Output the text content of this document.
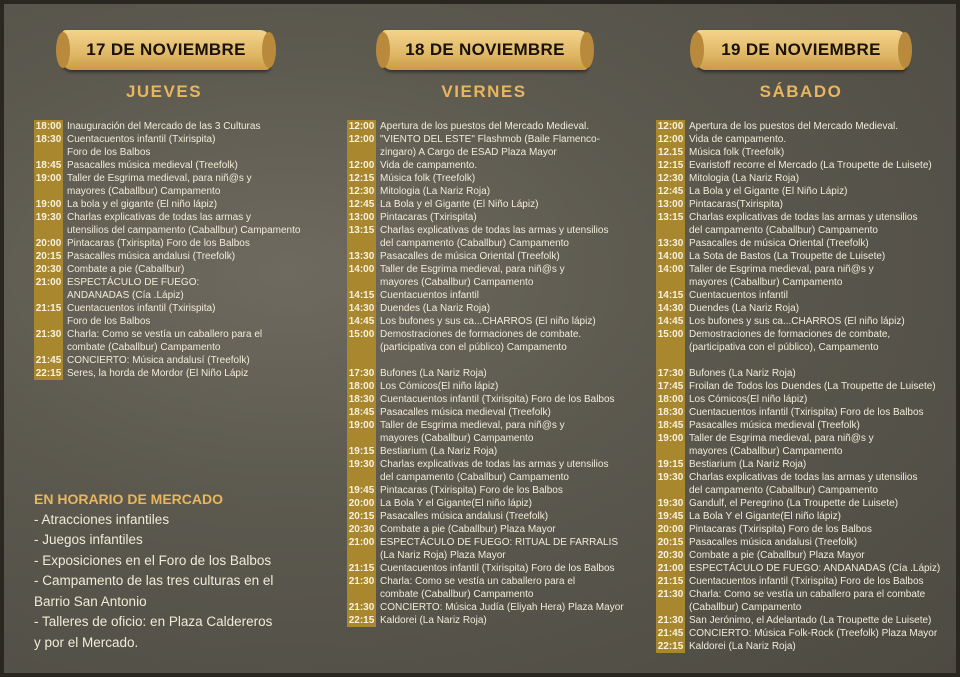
17 DE NOVIEMBRE
JUEVES
18:00 Inauguración del Mercado de las 3 Culturas
18:30 Cuentacuentos infantil (Txirispita)
Foro de los Balbos
18:45 Pasacalles música medieval (Treefolk)
19:00 Taller de Esgrima medieval, para niñ@s y
mayores (Caballbur) Campamento
19:00 La bola y el gigante (El niño lápiz)
19:30 Charlas explicativas de todas las armas y
utensilios del campamento (Caballbur) Campamento
20:00 Pintacaras (Txirispita) Foro de los Balbos
20:15 Pasacalles música andalusi (Treefolk)
20:30 Combate a pie (Caballbur)
21:00 ESPECTÁCULO DE FUEGO:
ANDANADAS (Cía .Lápiz)
21:15 Cuentacuentos infantil (Txirispita)
Foro de los Balbos
21:30 Charla: Como se vestía un caballero para el
combate (Caballbur) Campamento
21:45 CONCIERTO: Música andalusí (Treefolk)
22:15 Seres, la horda de Mordor (El Niño Lápiz
18 DE NOVIEMBRE
VIERNES
12:00 Apertura de los puestos del Mercado Medieval.
12:00 "VIENTO DEL ESTE" Flashmob (Baile Flamenco-
zingaro) A Cargo de ESAD Plaza Mayor
12:00 Vida de campamento.
12:15 Música folk (Treefolk)
12:30 Mitologia (La Nariz Roja)
12:45 La Bola y el Gigante (El Niño Lápiz)
13:00 Pintacaras (Txirispita)
13:15 Charlas explicativas de todas las armas y utensilios
del campamento (Caballbur) Campamento
13:30 Pasacalles de música Oriental (Treefolk)
14:00 Taller de Esgrima medieval, para niñ@s y
mayores (Caballbur) Campamento
14:15 Cuentacuentos infantil
14:30 Duendes (La Nariz Roja)
14:45 Los bufones y sus ca...CHARROS (El niño lápiz)
15:00 Demostraciones de formaciones de combate.
(participativa con el público) Campamento

17:30 Bufones (La Nariz Roja)
18:00 Los Cómicos(El niño lápiz)
18:30 Cuentacuentos infantil (Txirispita) Foro de los Balbos
18:45 Pasacalles música medieval (Treefolk)
19:00 Taller de Esgrima medieval, para niñ@s y
mayores (Caballbur) Campamento
19:15 Bestiarium (La Nariz Roja)
19:30 Charlas explicativas de todas las armas y utensilios
del campamento (Caballbur) Campamento
19:45 Pintacaras (Txirispita) Foro de los Balbos
20:00 La Bola Y el Gigante(El niño lápiz)
20:15 Pasacalles música andalusi (Treefolk)
20:30 Combate a pie (Caballbur) Plaza Mayor
21:00 ESPECTÁCULO DE FUEGO: RITUAL DE FARRALIS
(La Nariz Roja) Plaza Mayor
21:15 Cuentacuentos infantil (Txirispita) Foro de los Balbos
21:30 Charla: Como se vestía un caballero para el
combate (Caballbur) Campamento
21:30 CONCIERTO: Música Judía (Eliyah Hera) Plaza Mayor
22:15 Kaldorei (La Nariz Roja)
19 DE NOVIEMBRE
SÁBADO
12:00 Apertura de los puestos del Mercado Medieval.
12:00 Vida de campamento.
12.15 Música folk (Treefolk)
12:15 Evaristoff recorre el Mercado (La Troupette de Luisete)
12:30 Mitologia (La Nariz Roja)
12:45 La Bola y el Gigante (El Niño Lápiz)
13:00 Pintacaras(Txirispita)
13:15 Charlas explicativas de todas las armas y utensilios
del campamento (Caballbur) Campamento
13:30 Pasacalles de música Oriental (Treefolk)
14:00 La Sota de Bastos (La Troupette de Luisete)
14:00 Taller de Esgrima medieval, para niñ@s y
mayores (Caballbur) Campamento
14:15 Cuentacuentos infantil
14:30 Duendes (La Nariz Roja)
14:45 Los bufones y sus ca...CHARROS (El niño lápiz)
15:00 Demostraciones de formaciones de combate,
(participativa con el público), Campamento

17:30 Bufones (La Nariz Roja)
17:45 Froilan de Todos los Duendes (La Troupette de Luisete)
18:00 Los Cómicos(El niño lápiz)
18:30 Cuentacuentos infantil (Txirispita) Foro de los Balbos
18:45 Pasacalles música medieval (Treefolk)
19:00 Taller de Esgrima medieval, para niñ@s y
mayores (Caballbur) Campamento
19:15 Bestiarium (La Nariz Roja)
19:30 Charlas explicativas de todas las armas y utensilios
del campamento (Caballbur) Campamento
19:30 Gandulf, el Peregrino (La Troupette de Luisete)
19:45 La Bola Y el Gigante(El niño lápiz)
20:00 Pintacaras (Txirispita) Foro de los Balbos
20:15 Pasacalles música andalusi (Treefolk)
20:30 Combate a pie (Caballbur) Plaza Mayor
21:00 ESPECTÁCULO DE FUEGO: ANDANADAS (Cía .Lápiz)
21:15 Cuentacuentos infantil (Txirispita) Foro de los Balbos
21:30 Charla: Como se vestía un caballero para el combate
(Caballbur) Campamento
21:30 San Jerónimo, el Adelantado (La Troupette de Luisete)
21:45 CONCIERTO: Música Folk-Rock (Treefolk) Plaza Mayor
22:15 Kaldorei (La Nariz Roja)
EN HORARIO DE MERCADO
- Atracciones infantiles
- Juegos infantiles
- Exposiciones en el Foro de los Balbos
- Campamento de las tres culturas en el
Barrio San Antonio
- Talleres de oficio: en Plaza Caldereros
y por el Mercado.
